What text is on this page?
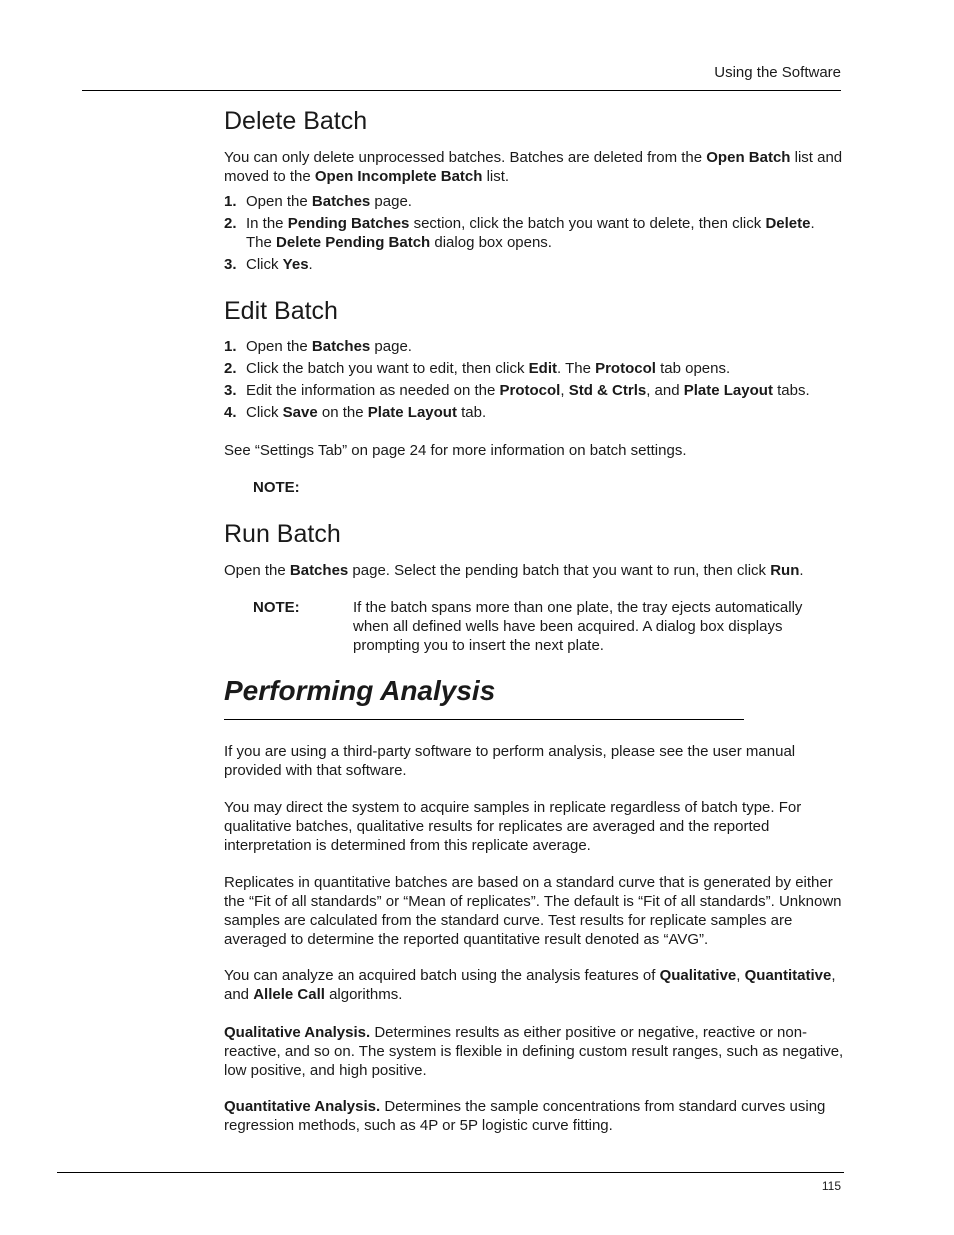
Using the Software
Delete Batch

You can only delete unprocessed batches. Batches are deleted from the Open Batch list and moved to the Open Incomplete Batch list.

1. Open the Batches page.
2. In the Pending Batches section, click the batch you want to delete, then click Delete. The Delete Pending Batch dialog box opens.
3. Click Yes.
Edit Batch
1. Open the Batches page.
2. Click the batch you want to edit, then click Edit. The Protocol tab opens.
3. Edit the information as needed on the Protocol, Std & Ctrls, and Plate Layout tabs.
4. Click Save on the Plate Layout tab.

See “Settings Tab” on page 24 for more information on batch settings.

NOTE:
Run Batch

Open the Batches page. Select the pending batch that you want to run, then click Run.

NOTE:	If the batch spans more than one plate, the tray ejects automatically when all defined wells have been acquired. A dialog box displays prompting you to insert the next plate.
Performing Analysis

If you are using a third-party software to perform analysis, please see the user manual provided with that software.

You may direct the system to acquire samples in replicate regardless of batch type. For qualitative batches, qualitative results for replicates are averaged and the reported interpretation is determined from this replicate average.

Replicates in quantitative batches are based on a standard curve that is generated by either the “Fit of all standards” or “Mean of replicates”. The default is “Fit of all standards”. Unknown samples are calculated from the standard curve. Test results for replicate samples are averaged to determine the reported quantitative result denoted as “AVG”.

You can analyze an acquired batch using the analysis features of Qualitative, Quantitative, and Allele Call algorithms.

Qualitative Analysis. Determines results as either positive or negative, reactive or non-reactive, and so on. The system is flexible in defining custom result ranges, such as negative, low positive, and high positive.

Quantitative Analysis. Determines the sample concentrations from standard curves using regression methods, such as 4P or 5P logistic curve fitting.

115
